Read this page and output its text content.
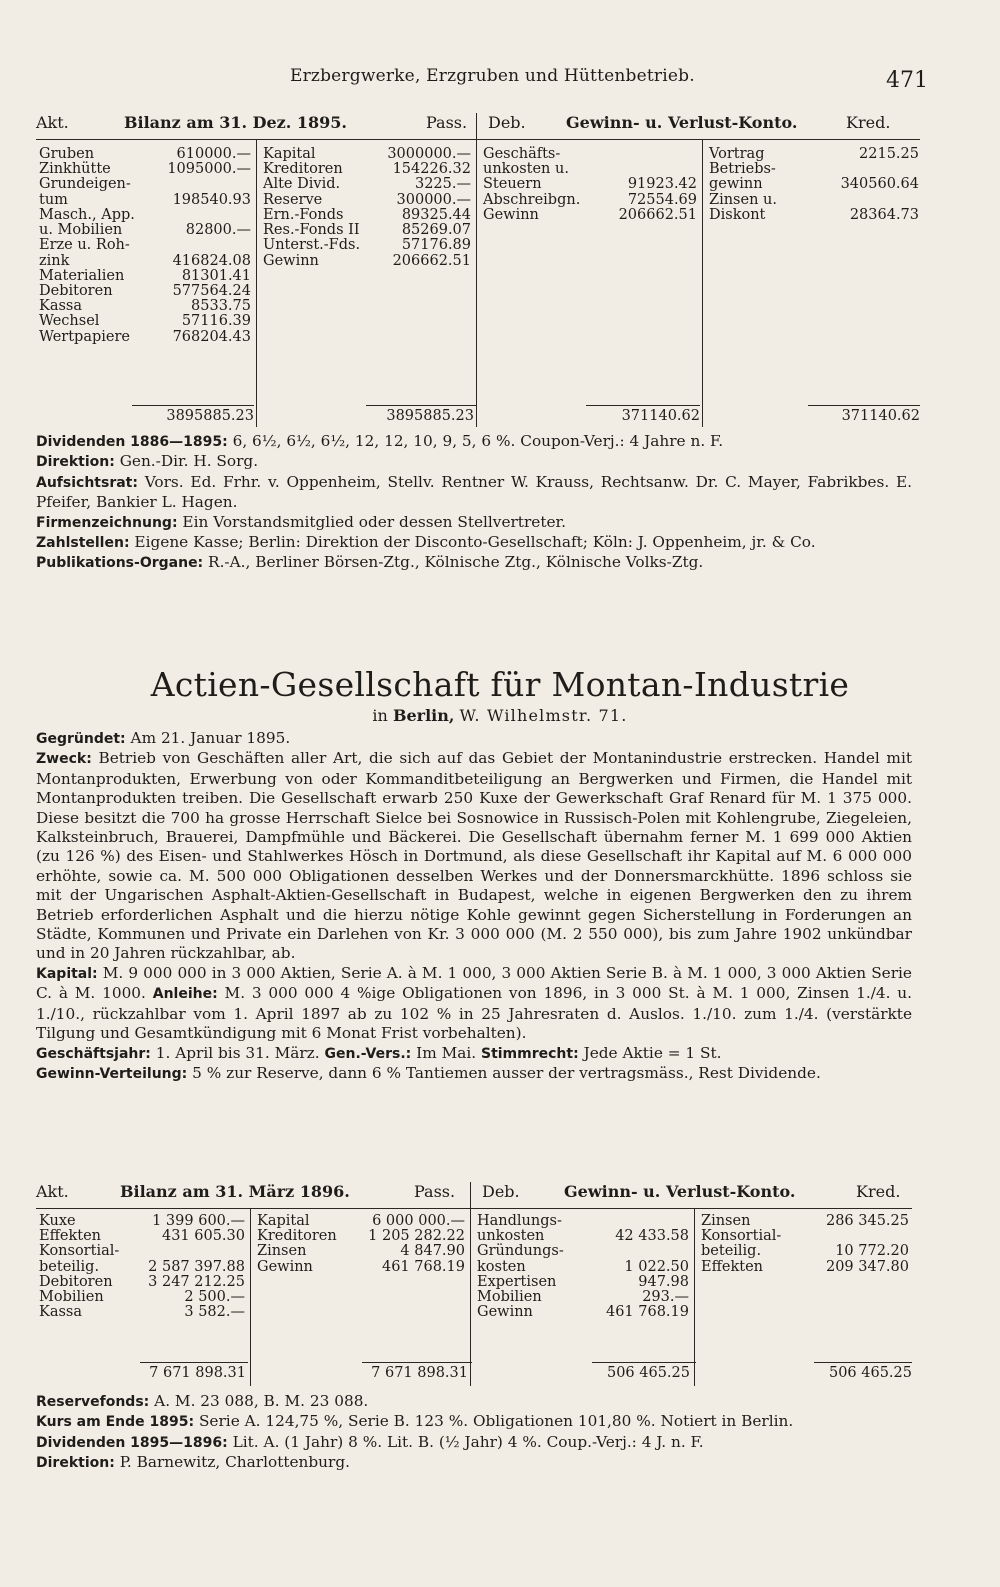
Erzbergwerke, Erzgruben und Hüttenbetrieb.	471
Akt.	Bilanz am 31. Dez. 1895.	Pass. Deb.	Gewinn- u. Verlust-Konto.	Kred.
Gruben	610000.—
Zinkhütte	1095000.—
Grundeigen-	
tum	198540.93
Masch., App.	
u. Mobilien	82800.—
Erze u. Roh-	
zink	416824.08
Materialien	81301.41
Debitoren	577564.24
Kassa	8533.75
Wechsel	57116.39
Wertpapiere	768204.43
Kapital	3000000.—
Kreditoren	154226.32
Alte Divid.	3225.—
Reserve	300000.—
Ern.-Fonds	89325.44
Res.-Fonds II	85269.07
Unterst.-Fds.	57176.89
Gewinn	206662.51
Geschäfts-	
unkosten u.	
Steuern	91923.42
Abschreibgn.	72554.69
Gewinn	206662.51
Vortrag	2215.25
Betriebs-	
gewinn	340560.64
Zinsen u.	
Diskont	28364.73
3895885.23	3895885.23	371140.62	371140.62
Dividenden 1886—1895: 6, 6½, 6½, 6½, 12, 12, 10, 9, 5, 6 %. Coupon-Verj.: 4 Jahre n. F.
Direktion: Gen.-Dir. H. Sorg.
Aufsichtsrat: Vors. Ed. Frhr. v. Oppenheim, Stellv. Rentner W. Krauss, Rechtsanw. Dr. C. Mayer, Fabrikbes. E. Pfeifer, Bankier L. Hagen.
Firmenzeichnung: Ein Vorstandsmitglied oder dessen Stellvertreter.
Zahlstellen: Eigene Kasse; Berlin: Direktion der Disconto-Gesellschaft; Köln: J. Oppenheim, jr. & Co.
Publikations-Organe: R.-A., Berliner Börsen-Ztg., Kölnische Ztg., Kölnische Volks-Ztg.
Actien-Gesellschaft für Montan-Industrie
in Berlin, W. Wilhelmstr. 71.
Gegründet: Am 21. Januar 1895.
Zweck: Betrieb von Geschäften aller Art, die sich auf das Gebiet der Montanindustrie erstrecken. Handel mit Montanprodukten, Erwerbung von oder Kommanditbeteiligung an Bergwerken und Firmen, die Handel mit Montanprodukten treiben. Die Gesellschaft erwarb 250 Kuxe der Gewerkschaft Graf Renard für M. 1 375 000. Diese besitzt die 700 ha grosse Herrschaft Sielce bei Sosnowice in Russisch-Polen mit Kohlengrube, Ziegeleien, Kalksteinbruch, Brauerei, Dampfmühle und Bäckerei. Die Gesellschaft übernahm ferner M. 1 699 000 Aktien (zu 126 %) des Eisen- und Stahlwerkes Hösch in Dortmund, als diese Gesellschaft ihr Kapital auf M. 6 000 000 erhöhte, sowie ca. M. 500 000 Obligationen desselben Werkes und der Donnersmarckhütte. 1896 schloss sie mit der Ungarischen Asphalt-Aktien-Gesellschaft in Budapest, welche in eigenen Bergwerken den zu ihrem Betrieb erforderlichen Asphalt und die hierzu nötige Kohle gewinnt gegen Sicherstellung in Forderungen an Städte, Kommunen und Private ein Darlehen von Kr. 3 000 000 (M. 2 550 000), bis zum Jahre 1902 unkündbar und in 20 Jahren rückzahlbar, ab.
Kapital: M. 9 000 000 in 3 000 Aktien, Serie A. à M. 1 000, 3 000 Aktien Serie B. à M. 1 000, 3 000 Aktien Serie C. à M. 1000. Anleihe: M. 3 000 000 4 %ige Obligationen von 1896, in 3 000 St. à M. 1 000, Zinsen 1./4. u. 1./10., rückzahlbar vom 1. April 1897 ab zu 102 % in 25 Jahresraten d. Auslos. 1./10. zum 1./4. (verstärkte Tilgung und Gesamtkündigung mit 6 Monat Frist vorbehalten).
Geschäftsjahr: 1. April bis 31. März. Gen.-Vers.: Im Mai. Stimmrecht: Jede Aktie = 1 St.
Gewinn-Verteilung: 5 % zur Reserve, dann 6 % Tantiemen ausser der vertragsmäss., Rest Dividende.
Akt.	Bilanz am 31. März 1896.	Pass. Deb.	Gewinn- u. Verlust-Konto.	Kred.
Kuxe	1 399 600.—
Effekten	431 605.30
Konsortial-	
beteilig.	2 587 397.88
Debitoren	3 247 212.25
Mobilien	2 500.—
Kassa	3 582.—
Kapital	6 000 000.—
Kreditoren	1 205 282.22
Zinsen	4 847.90
Gewinn	461 768.19
Handlungs-	
unkosten	42 433.58
Gründungs-	
kosten	1 022.50
Expertisen	947.98
Mobilien	293.—
Gewinn	461 768.19
Zinsen	286 345.25
Konsortial-	
beteilig.	10 772.20
Effekten	209 347.80
7 671 898.31	7 671 898.31	506 465.25	506 465.25
Reservefonds: A. M. 23 088, B. M. 23 088.
Kurs am Ende 1895: Serie A. 124,75 %, Serie B. 123 %. Obligationen 101,80 %. Notiert in Berlin.
Dividenden 1895—1896: Lit. A. (1 Jahr) 8 %. Lit. B. (½ Jahr) 4 %. Coup.-Verj.: 4 J. n. F.
Direktion: P. Barnewitz, Charlottenburg.
